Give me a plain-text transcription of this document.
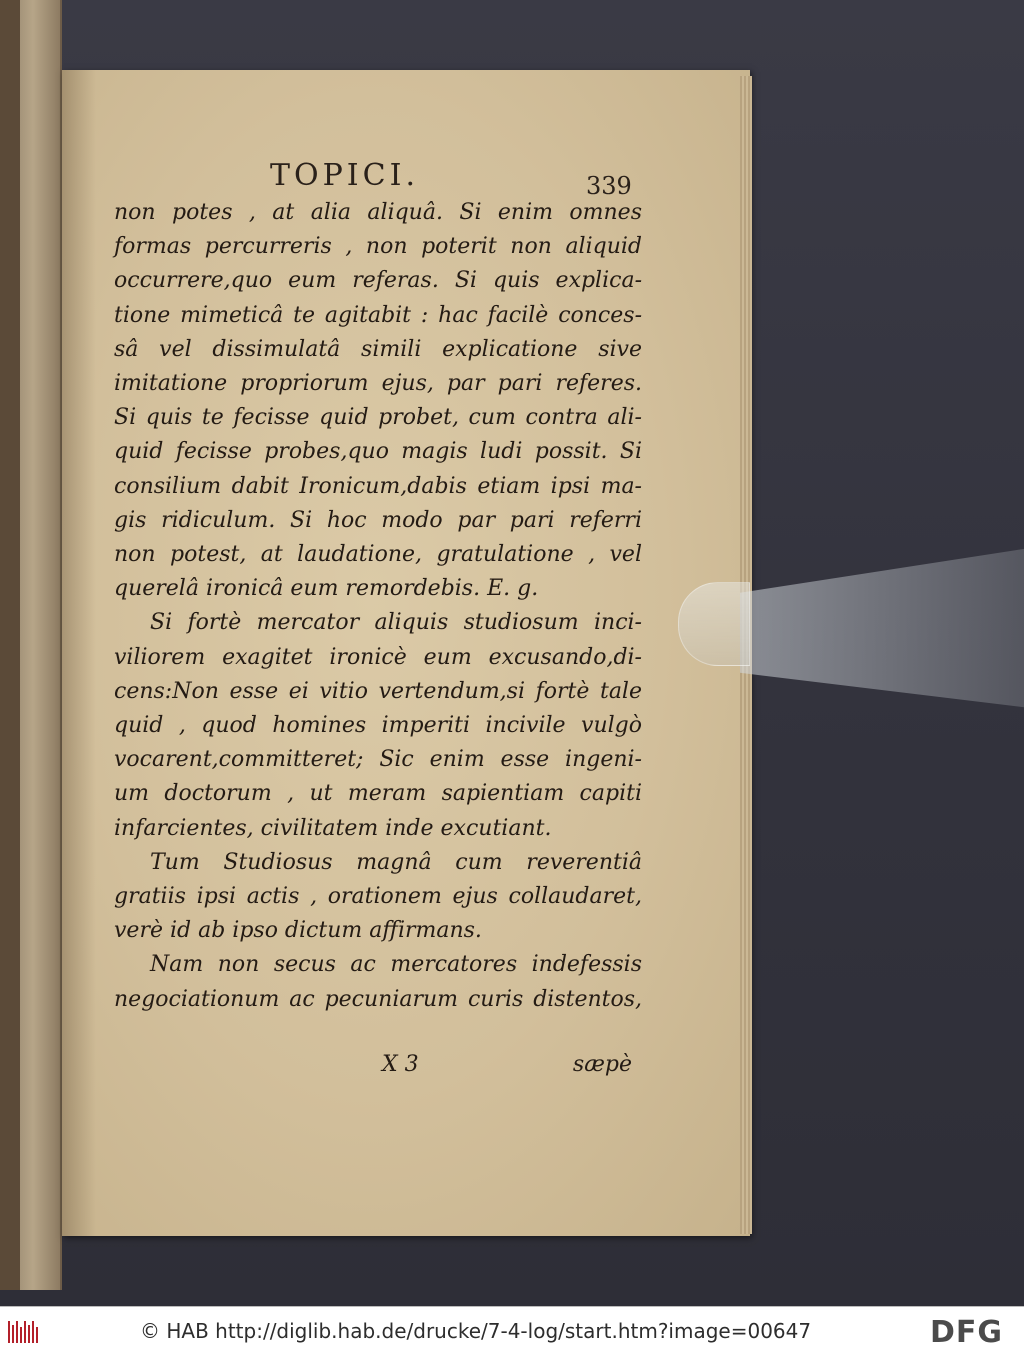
TOPICI.	339
non potes , at alia aliquâ. Si enim omnes
formas percurreris , non poterit non aliquid
occurrere,quo eum referas. Si quis explica-
tione mimeticâ te agitabit : hac facilè conces-
sâ vel dissimulatâ simili explicatione sive
imitatione propriorum ejus, par pari referes.
Si quis te fecisse quid probet, cum contra ali-
quid fecisse probes,quo magis ludi possit. Si
consilium dabit Ironicum,dabis etiam ipsi ma-
gis ridiculum. Si hoc modo par pari referri
non potest, at laudatione, gratulatione , vel
querelâ ironicâ eum remordebis. E. g.
Si fortè mercator aliquis studiosum inci-
viliorem exagitet ironicè eum excusando,di-
cens:Non esse ei vitio vertendum,si fortè tale
quid , quod homines imperiti incivile vulgò
vocarent,committeret; Sic enim esse ingeni-
um doctorum , ut meram sapientiam capiti
infarcientes, civilitatem inde excutiant.
Tum Studiosus magnâ cum reverentiâ
gratiis ipsi actis , orationem ejus collaudaret,
verè id ab ipso dictum affirmans.
Nam non secus ac mercatores indefessis
negociationum ac pecuniarum curis distentos,
X 3	sæpè
© HAB http://diglib.hab.de/drucke/7-4-log/start.htm?image=00647	DFG
